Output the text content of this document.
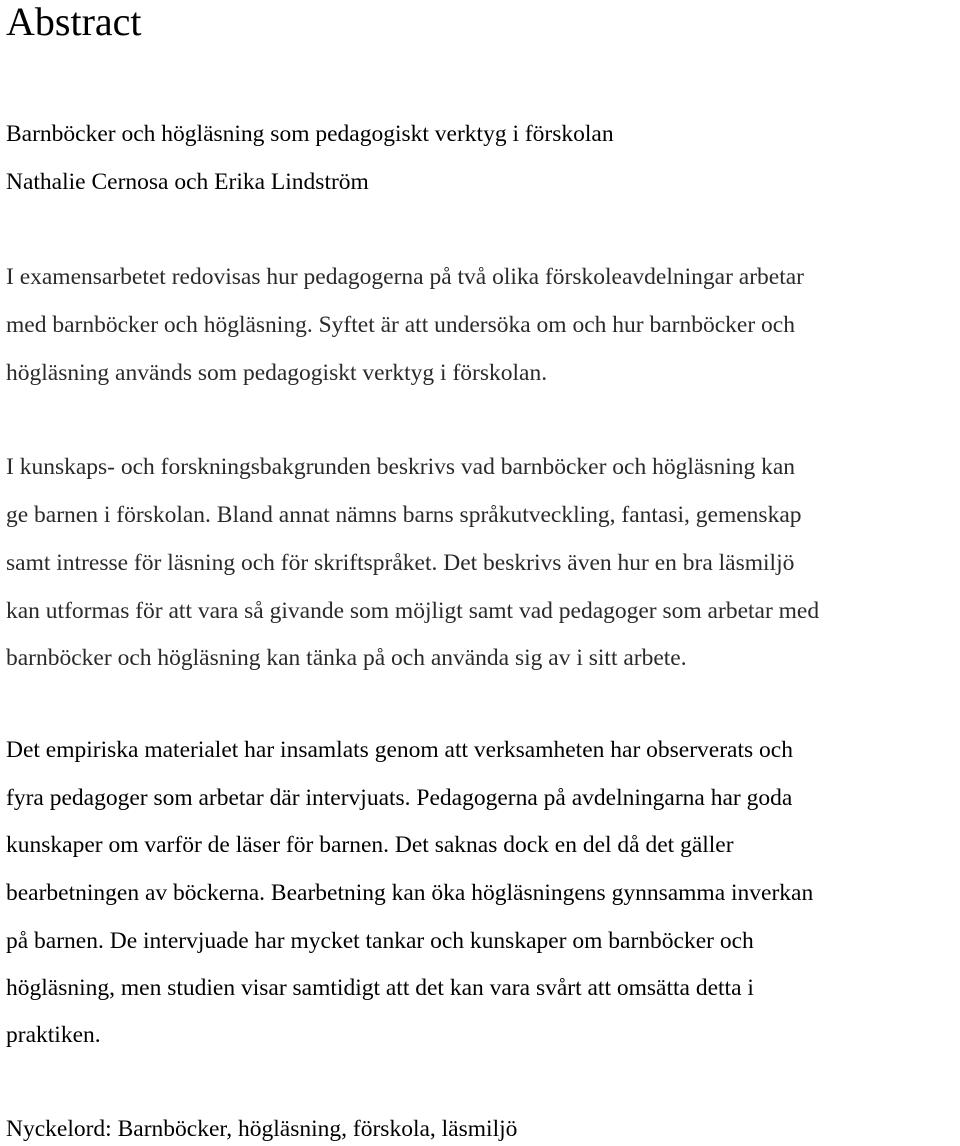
Abstract

Barnböcker och högläsning som pedagogiskt verktyg i förskolan

Nathalie Cernosa och Erika Lindström

I examensarbetet redovisas hur pedagogerna på två olika förskoleavdelningar arbetar

med barnböcker och högläsning. Syftet är att undersöka om och hur barnböcker och

högläsning används som pedagogiskt verktyg i förskolan.

I kunskaps- och forskningsbakgrunden beskrivs vad barnböcker och högläsning kan

ge barnen i förskolan. Bland annat nämns barns språkutveckling, fantasi, gemenskap

samt intresse för läsning och för skriftspråket. Det beskrivs även hur en bra läsmiljö

kan utformas för att vara så givande som möjligt samt vad pedagoger som arbetar med

barnböcker och högläsning kan tänka på och använda sig av i sitt arbete.

Det empiriska materialet har insamlats genom att verksamheten har observerats och

fyra pedagoger som arbetar där intervjuats. Pedagogerna på avdelningarna har goda

kunskaper om varför de läser för barnen. Det saknas dock en del då det gäller

bearbetningen av böckerna. Bearbetning kan öka högläsningens gynnsamma inverkan

på barnen. De intervjuade har mycket tankar och kunskaper om barnböcker och

högläsning, men studien visar samtidigt att det kan vara svårt att omsätta detta i

praktiken.

Nyckelord: Barnböcker, högläsning, förskola, läsmiljö
